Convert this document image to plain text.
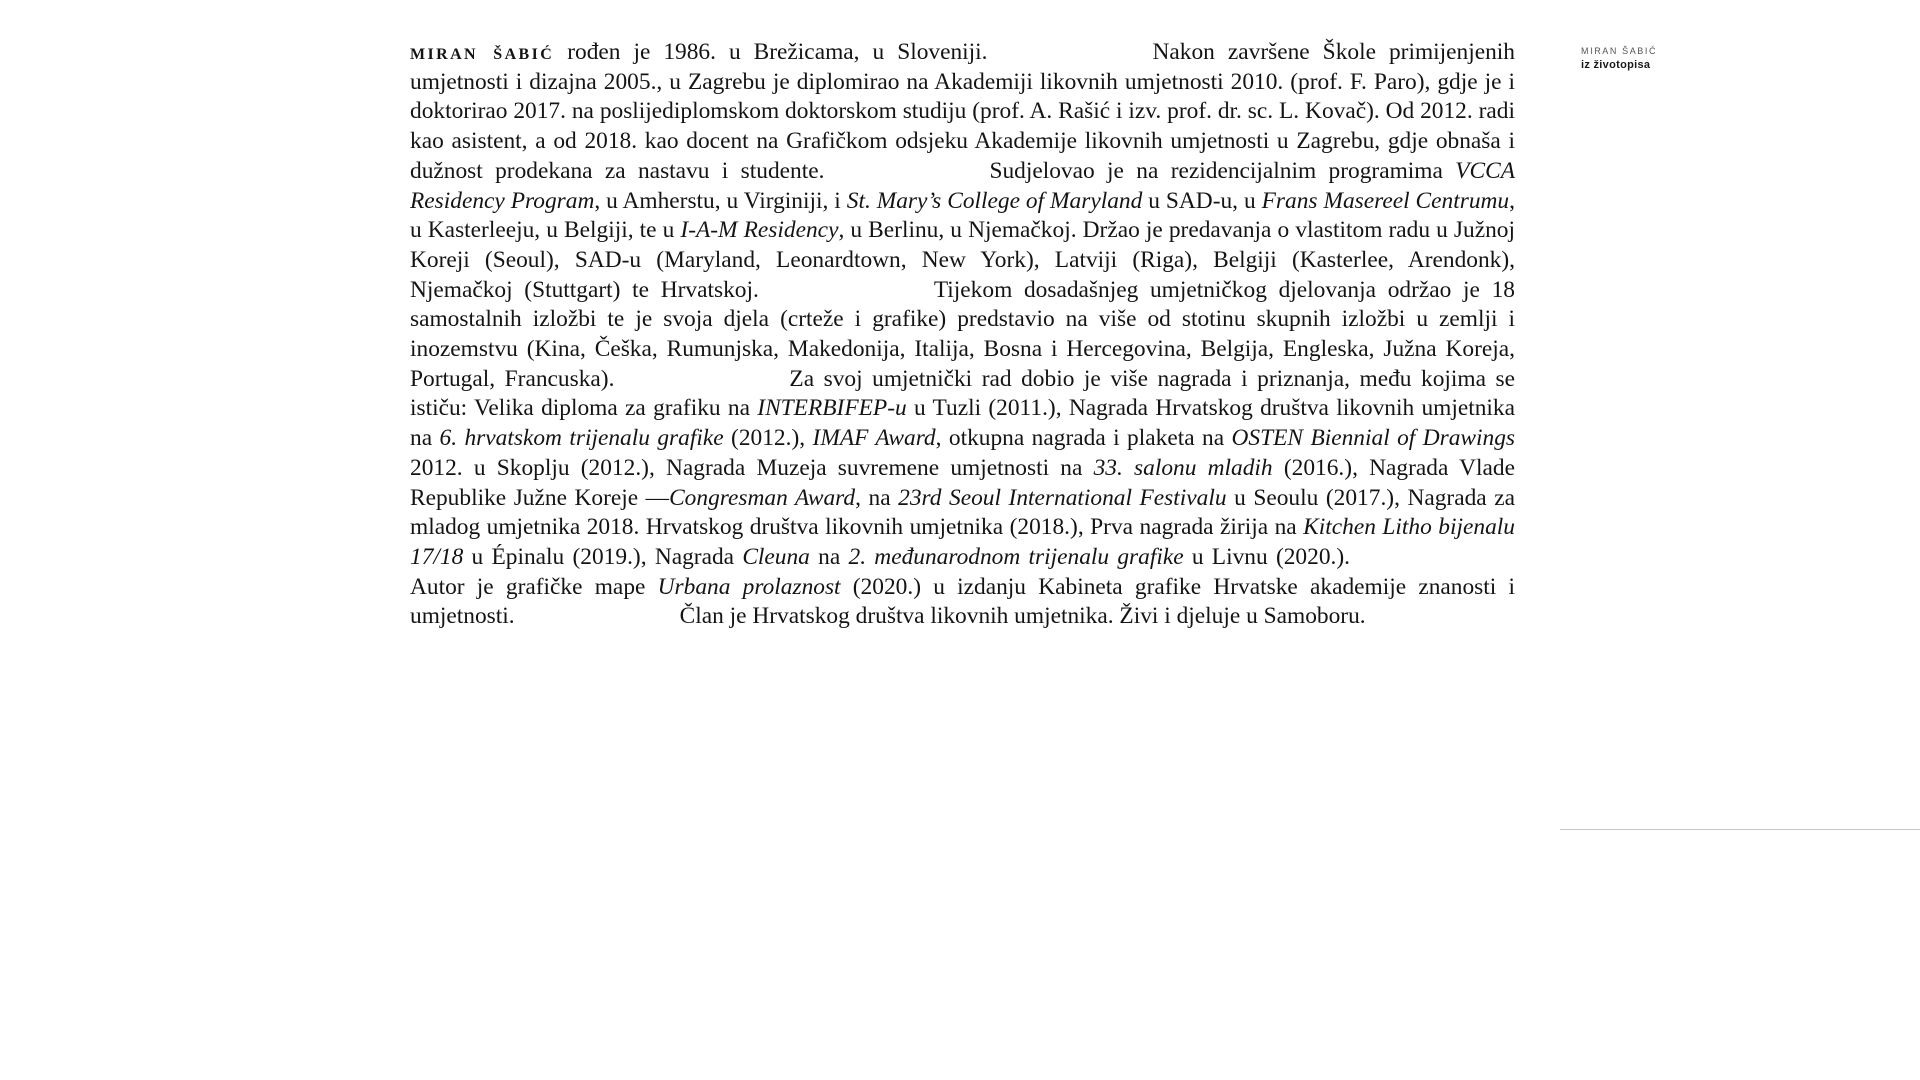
MIRAN ŠABIĆ
iz životopisa

miran šabić rođen je 1986. u Brežicama, u Sloveniji.	Nakon završene Škole primijenjenih umjetnosti i dizajna 2005., u Zagrebu je diplomirao na Akademiji likovnih umjetnosti 2010. (prof. F. Paro), gdje je i doktorirao 2017. na poslijediplomskom doktorskom studiju (prof. A. Rašić i izv. prof. dr. sc. L. Kovač). Od 2012. radi kao asistent, a od 2018. kao docent na Grafičkom odsjeku Akademije likovnih umjetnosti u Zagrebu, gdje obnaša i dužnost prodekana za nastavu i studente.	Sudjelovao je na rezidencijalnim programima VCCA Residency Program, u Amherstu, u Virginiji, i St. Mary’s College of Maryland u SAD-u, u Frans Masereel Centrumu, u Kasterleeju, u Belgiji, te u I-A-M Residency, u Berlinu, u Njemačkoj. Držao je predavanja o vlastitom radu u Južnoj Koreji (Seoul), SAD-u (Maryland, Leonardtown, New York), Latviji (Riga), Belgiji (Kasterlee, Arendonk), Njemačkoj (Stuttgart) te Hrvatskoj.	Tijekom dosadašnjeg umjetničkog djelovanja održao je 18 samostalnih izložbi te je svoja djela (crteže i grafike) predstavio na više od stotinu skupnih izložbi u zemlji i inozemstvu (Kina, Češka, Rumunjska, Makedonija, Italija, Bosna i Hercegovina, Belgija, Engleska, Južna Koreja, Portugal, Francuska).	Za svoj umjetnički rad dobio je više nagrada i priznanja, među kojima se ističu: Velika diploma za grafiku na INTERBIFEP-u u Tuzli (2011.), Nagrada Hrvatskog društva likovnih umjetnika na 6. hrvatskom trijenalu grafike (2012.), IMAF Award, otkupna nagrada i plaketa na OSTEN Biennial of Drawings 2012. u Skoplju (2012.), Nagrada Muzeja suvremene umjetnosti na 33. salonu mladih (2016.), Nagrada Vlade Republike Južne Koreje —Congresman Award, na 23rd Seoul International Festivalu u Seoulu (2017.), Nagrada za mladog umjetnika 2018. Hrvatskog društva likovnih umjetnika (2018.), Prva nagrada žirija na Kitchen Litho bijenalu 17/18 u Épinalu (2019.), Nagrada Cleuna na 2. međunarodnom trijenalu grafike u Livnu (2020.).Autor je grafičke mape Urbana prolaznost (2020.) u izdanju Kabineta grafike Hrvatske akademije znanosti i umjetnosti.	Član je Hrvatskog društva likovnih umjetnika. Živi i djeluje u Samoboru.
